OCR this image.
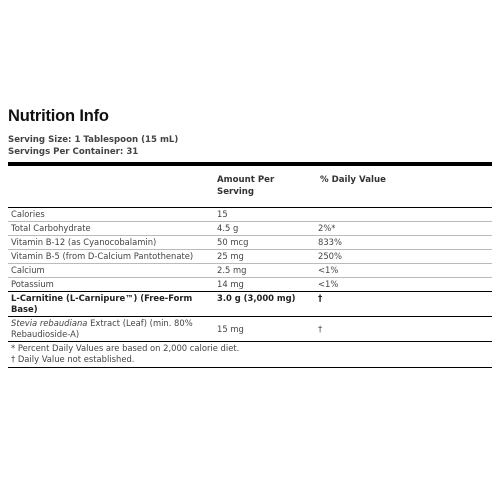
Nutrition Info
Serving Size: 1 Tablespoon (15 mL)
Servings Per Container: 31
	Amount Per Serving	% Daily Value
Calories	15	
Total Carbohydrate	4.5 g	2%*
Vitamin B-12 (as Cyanocobalamin)	50 mcg	833%
Vitamin B-5 (from D-Calcium Pantothenate)	25 mg	250%
Calcium	2.5 mg	<1%
Potassium	14 mg	<1%
L-Carnitine (L-Carnipure™) (Free-Form Base)	3.0 g (3,000 mg)	†
Stevia rebaudiana Extract (Leaf) (min. 80% Rebaudioside-A)	15 mg	†
* Percent Daily Values are based on 2,000 calorie diet.
† Daily Value not established.
